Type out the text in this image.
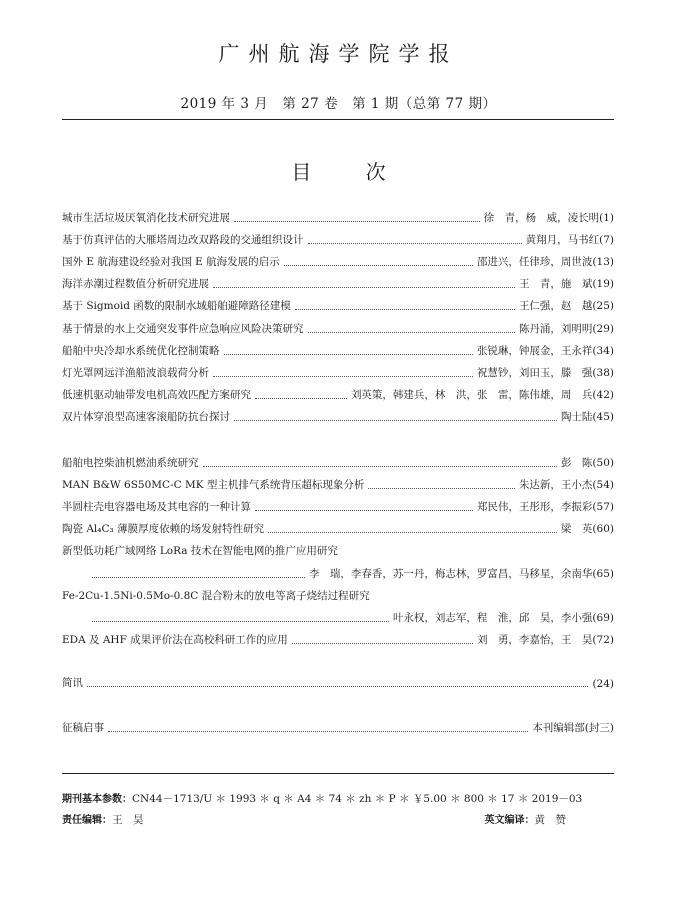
广州航海学院学报
2019 年 3 月　第 27 卷　第 1 期（总第 77 期）
目 次
城市生活垃圾厌氧消化技术研究进展	徐　青，杨　威，凌长明(1)
基于仿真评估的大雁塔周边改双路段的交通组织设计	黄翔月，马书红(7)
国外 E 航海建设经验对我国 E 航海发展的启示	邵进兴，任律珍，周世波(13)
海洋赤潮过程数值分析研究进展	王　青，施　斌(19)
基于 Sigmoid 函数的限制水域船舶避障路径建模	王仁强，赵　越(25)
基于情景的水上交通突发事件应急响应风险决策研究	陈丹涌，刘明明(29)
船舶中央冷却水系统优化控制策略	张锐琳，钟展金，王永祥(34)
灯光罩网远洋渔船波浪载荷分析	祝慧钞，刘田玉，滕　强(38)
低速机驱动轴带发电机高效匹配方案研究	刘英策，韩建兵，林　洪，张　雷，陈伟雄，周　兵(42)
双片体穿浪型高速客滚船防抗台探讨	陶士陆(45)
船舶电控柴油机燃油系统研究	彭　陈(50)
MAN B&W 6S50MC-C MK 型主机排气系统背压超标现象分析	朱达新，王小杰(54)
半圆柱壳电容器电场及其电容的一种计算	郑民伟，王彤形，李振彩(57)
陶瓷 Al₄C₃ 薄膜厚度依赖的场发射特性研究	梁　英(60)
新型低功耗广域网络 LoRa 技术在智能电网的推广应用研究
李　瑞，李春香，苏一丹，梅志林，罗富昌，马移星，余南华(65)
Fe-2Cu-1.5Ni-0.5Mo-0.8C 混合粉末的放电等离子烧结过程研究
叶永权，刘志军，程　淮，邱　昊，李小强(69)
EDA 及 AHF 成果评价法在高校科研工作的应用	刘　勇，李嘉怡，王　昊(72)
简讯	(24)
征稿启事	本刊编辑部(封三)
期刊基本参数：CN44－1713/U ＊ 1993 ＊ q ＊ A4 ＊ 74 ＊ zh ＊ P ＊ ￥5.00 ＊ 800 ＊ 17 ＊ 2019－03
责任编辑：王　昊	英文编译：黄　赞
